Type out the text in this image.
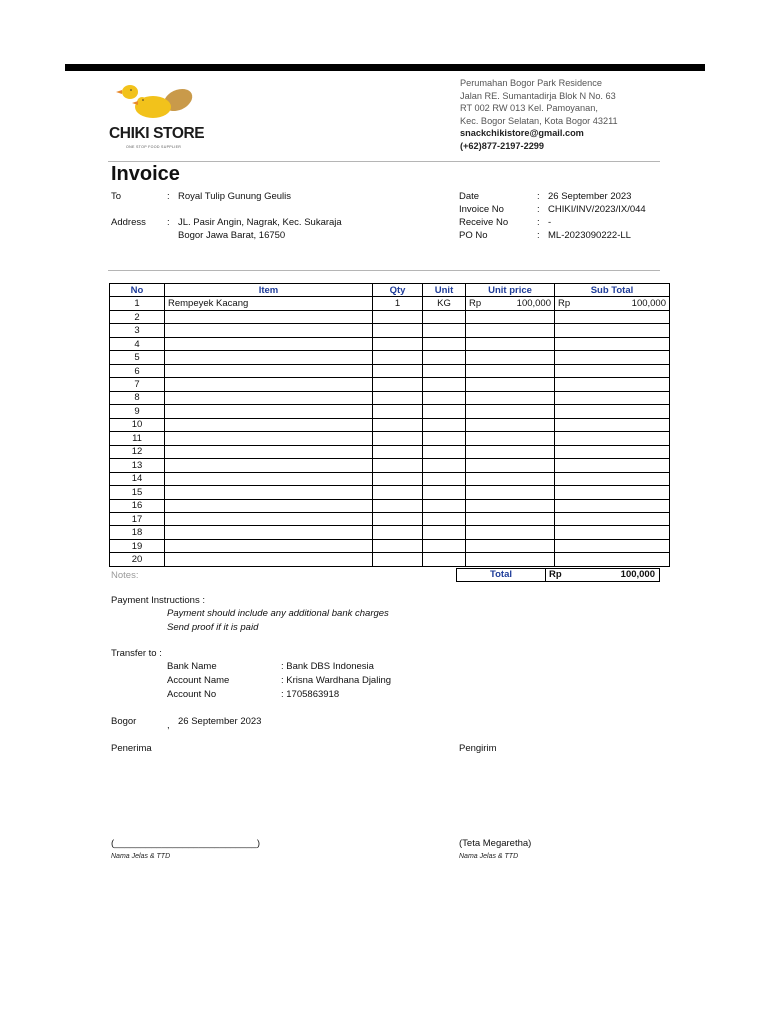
CHIKI STORE
ONE STOP FOOD SUPPLIER
Perumahan Bogor Park Residence
Jalan RE. Sumantadirja Blok N No. 63
RT 002 RW 013 Kel. Pamoyanan,
Kec. Bogor Selatan, Kota Bogor 43211
snackchikistore@gmail.com
(+62)877-2197-2299
Invoice
To	: Royal Tulip Gunung Geulis
Address : JL. Pasir Angin, Nagrak, Kec. Sukaraja
Bogor Jawa Barat, 16750
Date	: 26 September 2023
Invoice No	: CHIKI/INV/2023/IX/044
Receive No	: -
PO No	: ML-2023090222-LL
No	Item	Qty	Unit	Unit price	Sub Total
1	Rempeyek Kacang	1	KG	Rp 100,000	Rp 100,000

2					
3					
4					
5					
6					
7					
8					
9					
10					
11					
12					
13					
14					
15					
16					
17					
18					
19					
20					
Notes:	Total	Rp	100,000
Payment Instructions :
Payment should include any additional bank charges
Send proof if it is paid
Transfer to :
Bank Name	: Bank DBS Indonesia
Account Name	: Krisna Wardhana Djaling
Account No	: 1705863918
Bogor	, 26 September 2023
Penerima	Pengirim
(___________________________)	(Teta Megaretha)
Nama Jelas & TTD	Nama Jelas & TTD
